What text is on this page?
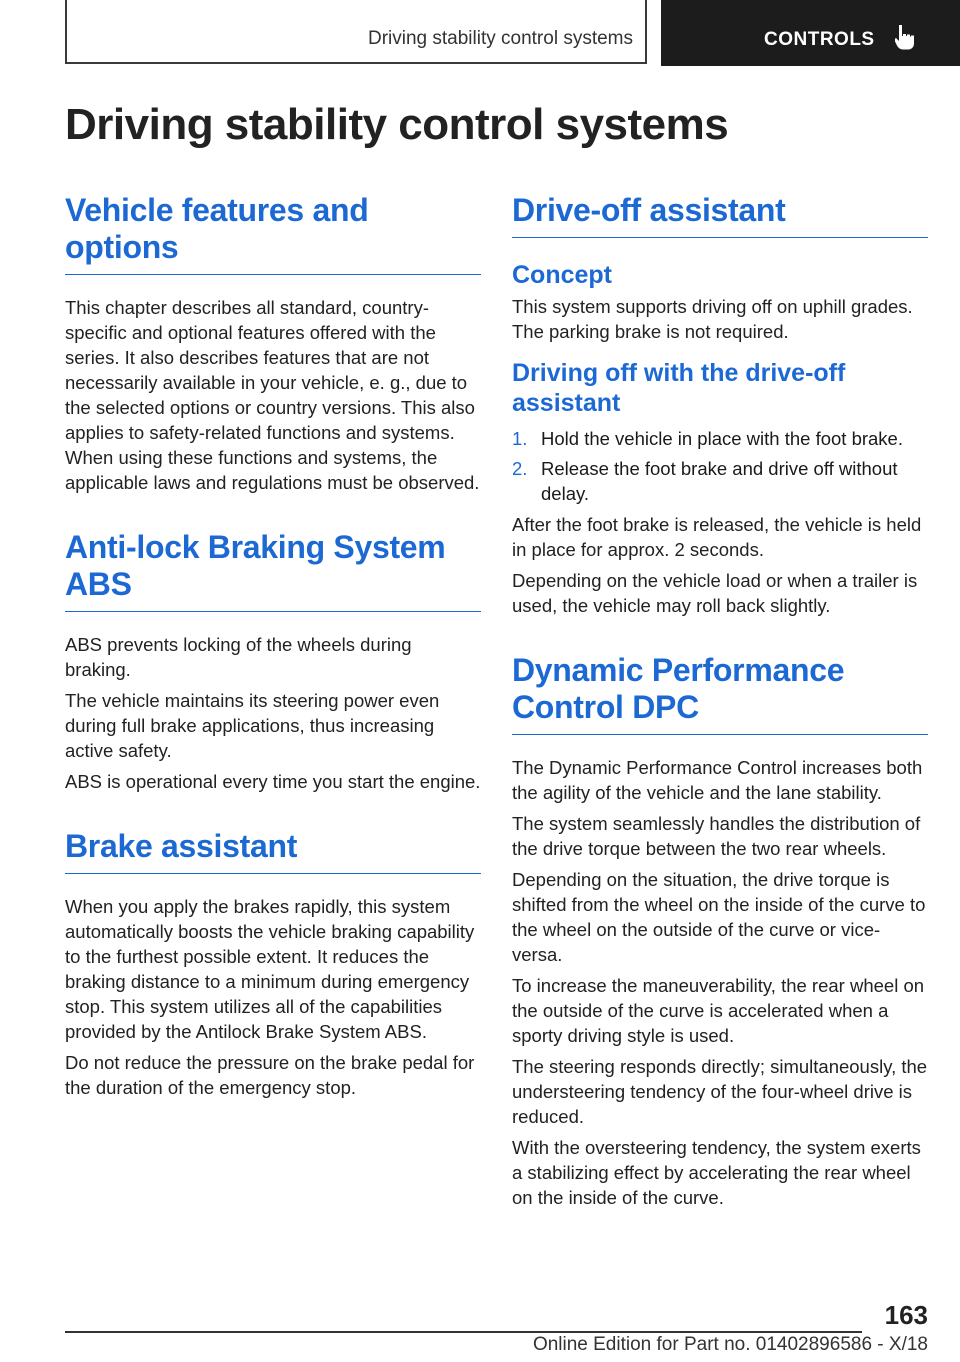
Driving stability control systems	CONTROLS
Driving stability control systems
Vehicle features and options

This chapter describes all standard, country-specific and optional features offered with the series. It also describes features that are not necessarily available in your vehicle, e. g., due to the selected options or country versions. This also applies to safety-related functions and systems. When using these functions and systems, the applicable laws and regulations must be observed.

Anti-lock Braking System ABS

ABS prevents locking of the wheels during braking.

The vehicle maintains its steering power even during full brake applications, thus increasing active safety.

ABS is operational every time you start the engine.

Brake assistant

When you apply the brakes rapidly, this system automatically boosts the vehicle braking capability to the furthest possible extent. It reduces the braking distance to a minimum during emergency stop. This system utilizes all of the capabilities provided by the Antilock Brake System ABS.

Do not reduce the pressure on the brake pedal for the duration of the emergency stop.

Drive-off assistant
Concept

This system supports driving off on uphill grades. The parking brake is not required.

Driving off with the drive-off assistant
1. Hold the vehicle in place with the foot brake.
2. Release the foot brake and drive off without delay.

After the foot brake is released, the vehicle is held in place for approx. 2 seconds.

Depending on the vehicle load or when a trailer is used, the vehicle may roll back slightly.

Dynamic Performance Control DPC

The Dynamic Performance Control increases both the agility of the vehicle and the lane stability.

The system seamlessly handles the distribution of the drive torque between the two rear wheels.

Depending on the situation, the drive torque is shifted from the wheel on the inside of the curve to the wheel on the outside of the curve or vice-versa.

To increase the maneuverability, the rear wheel on the outside of the curve is accelerated when a sporty driving style is used.

The steering responds directly; simultaneously, the understeering tendency of the four-wheel drive is reduced.

With the oversteering tendency, the system exerts a stabilizing effect by accelerating the rear wheel on the inside of the curve.

163
Online Edition for Part no. 01402896586 - X/18
